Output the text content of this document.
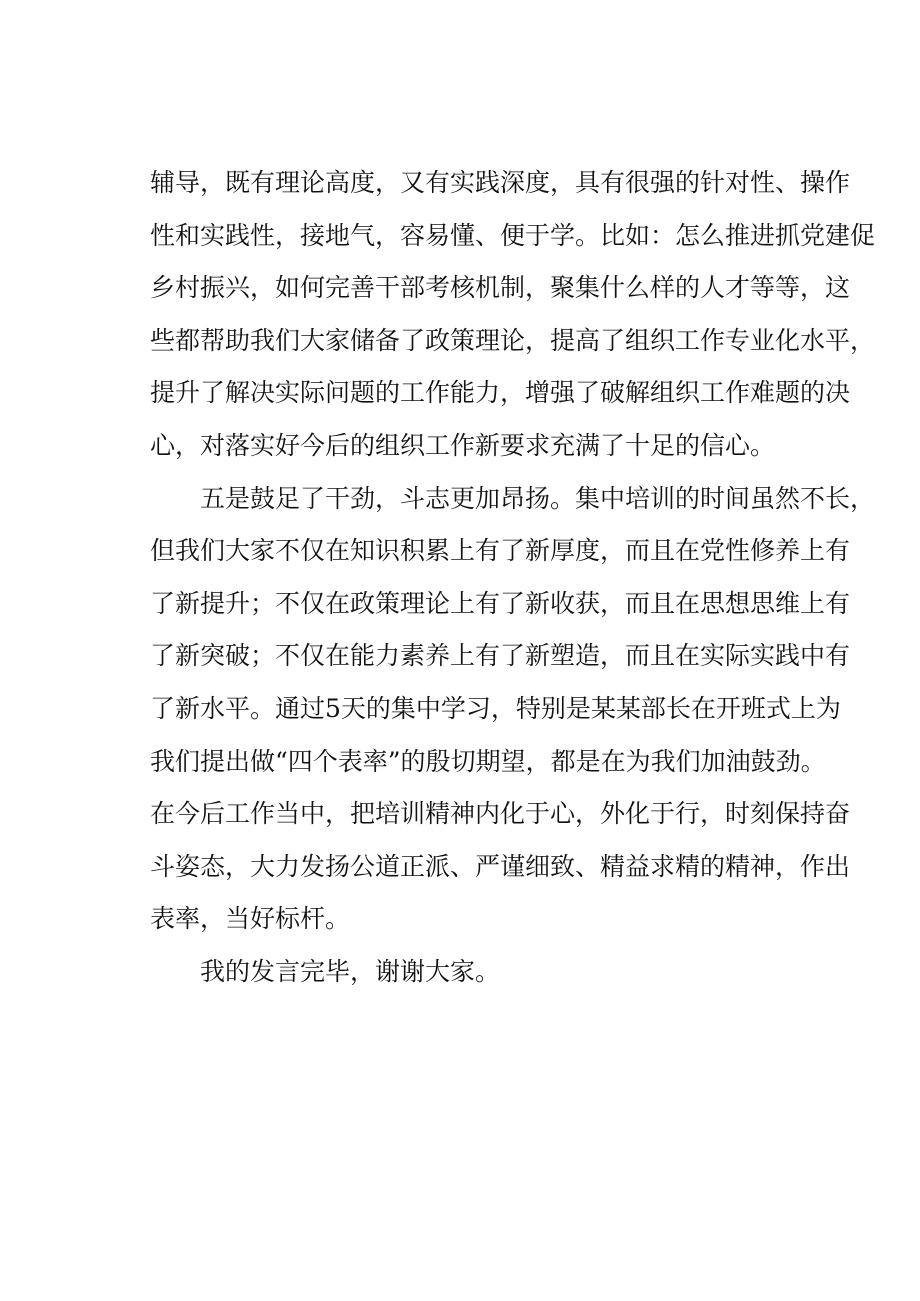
辅导，既有理论高度，又有实践深度，具有很强的针对性、操作
性和实践性，接地气，容易懂、便于学。比如：怎么推进抓党建促
乡村振兴，如何完善干部考核机制，聚集什么样的人才等等，这
些都帮助我们大家储备了政策理论，提高了组织工作专业化水平，
提升了解决实际问题的工作能力，增强了破解组织工作难题的决
心，对落实好今后的组织工作新要求充满了十足的信心。
五是鼓足了干劲，斗志更加昂扬。集中培训的时间虽然不长，
但我们大家不仅在知识积累上有了新厚度，而且在党性修养上有
了新提升；不仅在政策理论上有了新收获，而且在思想思维上有
了新突破；不仅在能力素养上有了新塑造，而且在实际实践中有
了新水平。通过5天的集中学习，特别是某某部长在开班式上为
我们提出做“四个表率”的殷切期望，都是在为我们加油鼓劲。
在今后工作当中，把培训精神内化于心，外化于行，时刻保持奋
斗姿态，大力发扬公道正派、严谨细致、精益求精的精神，作出
表率，当好标杆。
我的发言完毕，谢谢大家。
